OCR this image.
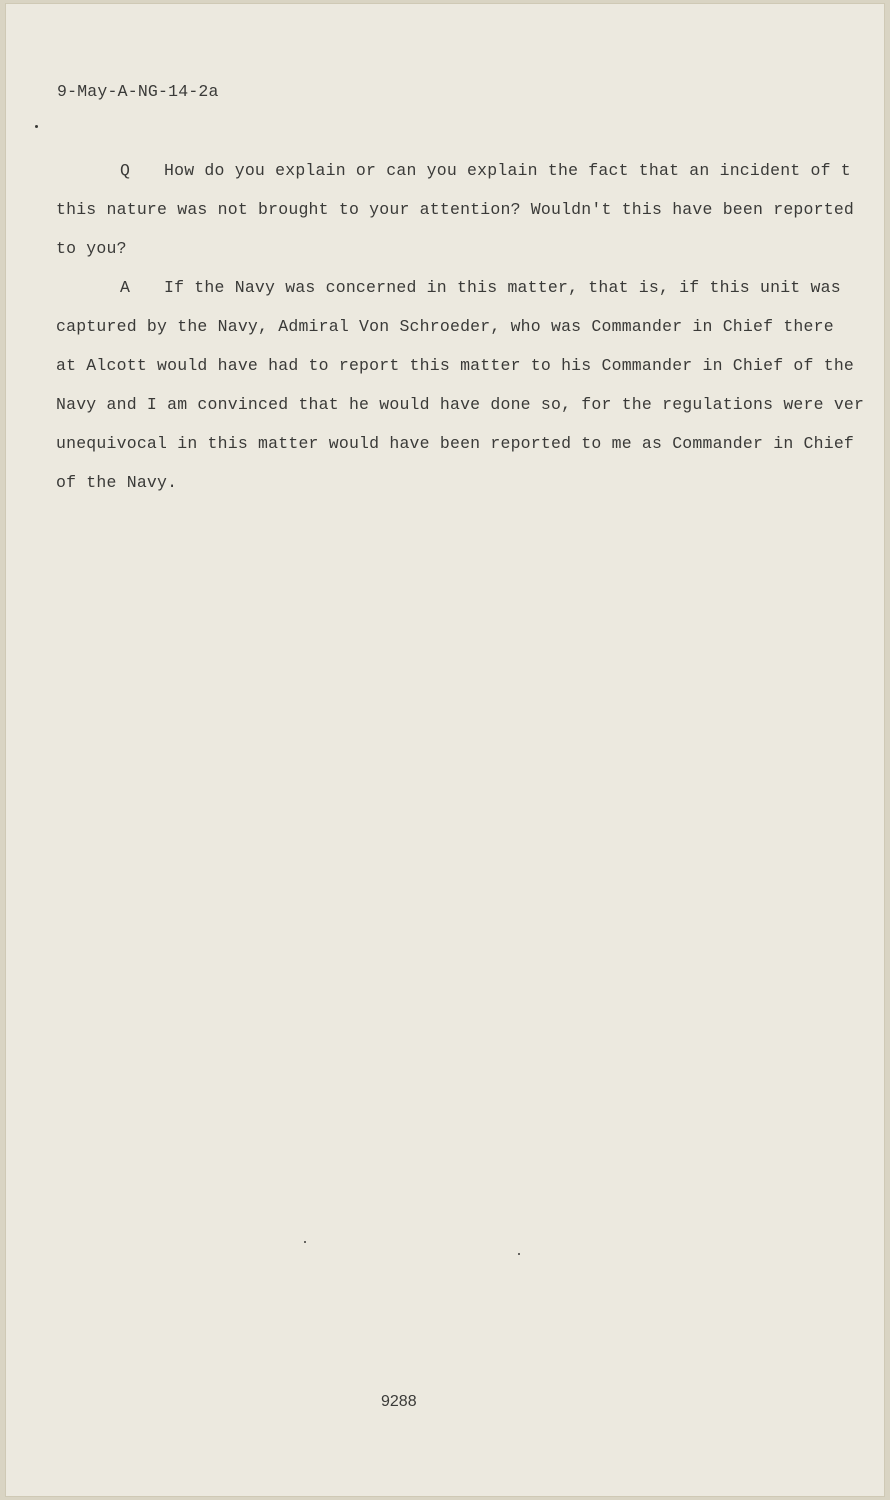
9-May-A-NG-14-2a
Q How do you explain or can you explain the fact that an incident of t
this nature was not brought to your attention? Wouldn't this have been reported
to you?
A If the Navy was concerned in this matter, that is, if this unit was
captured by the Navy, Admiral Von Schroeder, who was Commander in Chief there
at Alcott would have had to report this matter to his Commander in Chief of the
Navy and I am convinced that he would have done so, for the regulations were ver
unequivocal in this matter would have been reported to me as Commander in Chief
of the Navy.
9288
